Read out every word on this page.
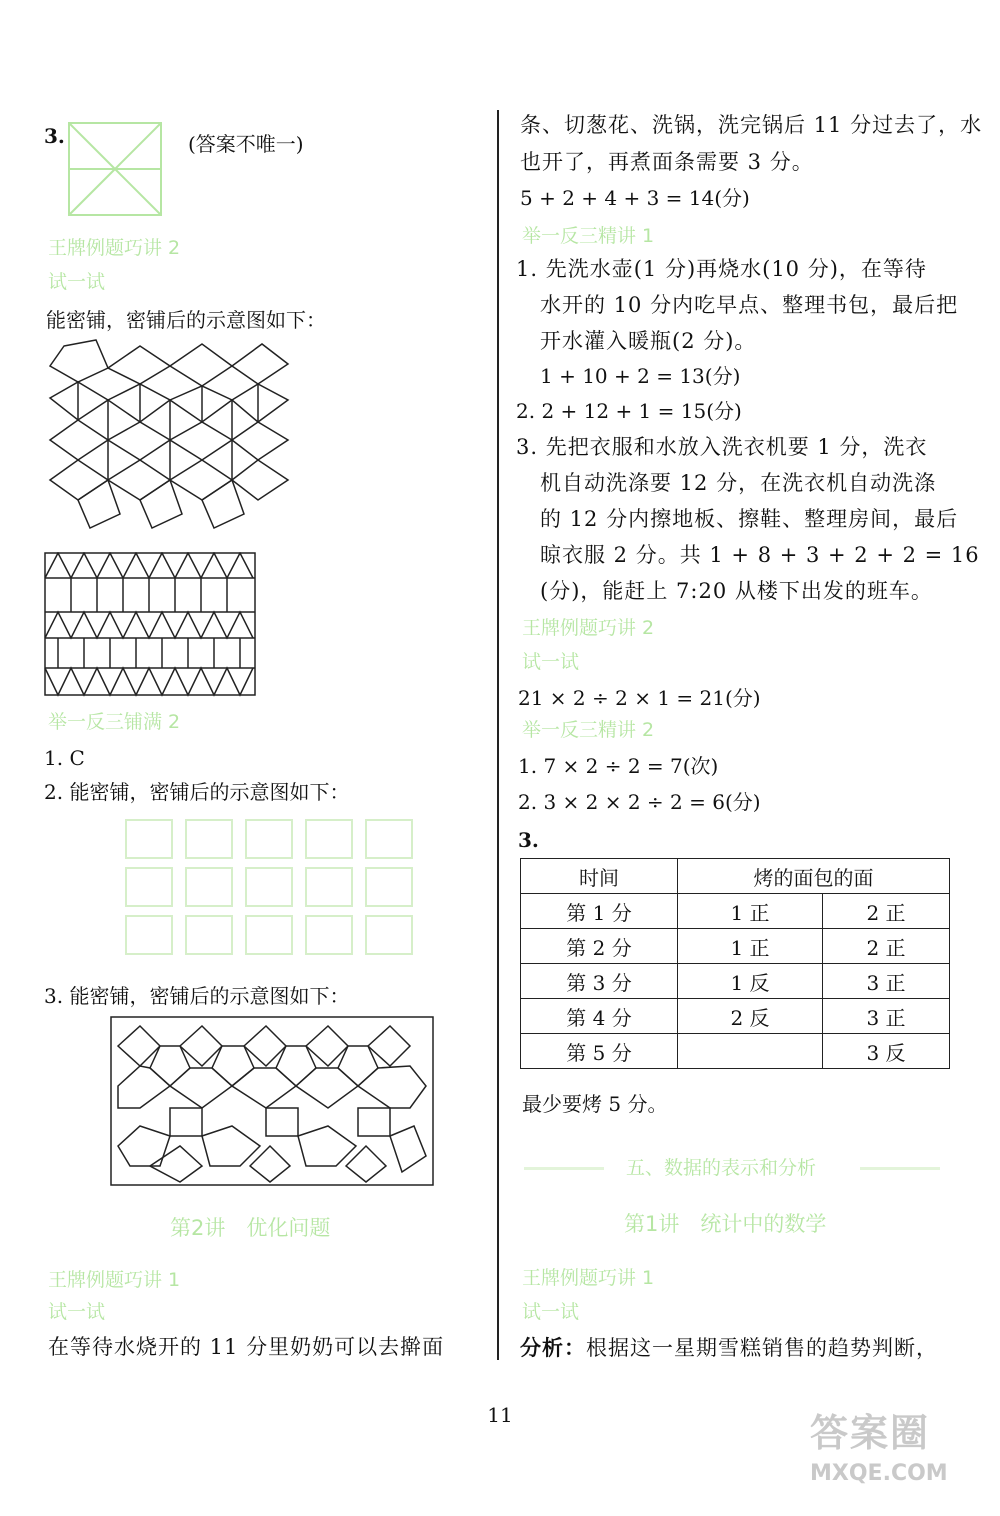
3.	(答案不唯一)
王牌例题巧讲 2
试一试
能密铺，密铺后的示意图如下：
举一反三铺满 2
1. C
2. 能密铺，密铺后的示意图如下：
3. 能密铺，密铺后的示意图如下：
第2讲　优化问题
王牌例题巧讲 1
试一试
在等待水烧开的 11 分里奶奶可以去擀面
条、切葱花、洗锅，洗完锅后 11 分过去了，水
也开了，再煮面条需要 3 分。
5 + 2 + 4 + 3 = 14(分)
举一反三精讲 1
1. 先洗水壶(1 分)再烧水(10 分)，在等待
水开的 10 分内吃早点、整理书包，最后把
开水灌入暖瓶(2 分)。
1 + 10 + 2 = 13(分)
2. 2 + 12 + 1 = 15(分)
3. 先把衣服和水放入洗衣机要 1 分，洗衣
机自动洗涤要 12 分，在洗衣机自动洗涤
的 12 分内擦地板、擦鞋、整理房间，最后
晾衣服 2 分。共 1 + 8 + 3 + 2 + 2 = 16
(分)，能赶上 7:20 从楼下出发的班车。
王牌例题巧讲 2
试一试
21 × 2 ÷ 2 × 1 = 21(分)
举一反三精讲 2
1. 7 × 2 ÷ 2 = 7(次)
2. 3 × 2 × 2 ÷ 2 = 6(分)
3.
时间	烤的面包的面	
第 1 分	1 正	2 正
第 2 分	1 正	2 正
第 3 分	1 反	3 正
第 4 分	2 反	3 正
第 5 分		3 反
最少要烤 5 分。
五、数据的表示和分析
第1讲　统计中的数学
王牌例题巧讲 1
试一试
分析：根据这一星期雪糕销售的趋势判断，
11	答案圈
MXQE.COM
